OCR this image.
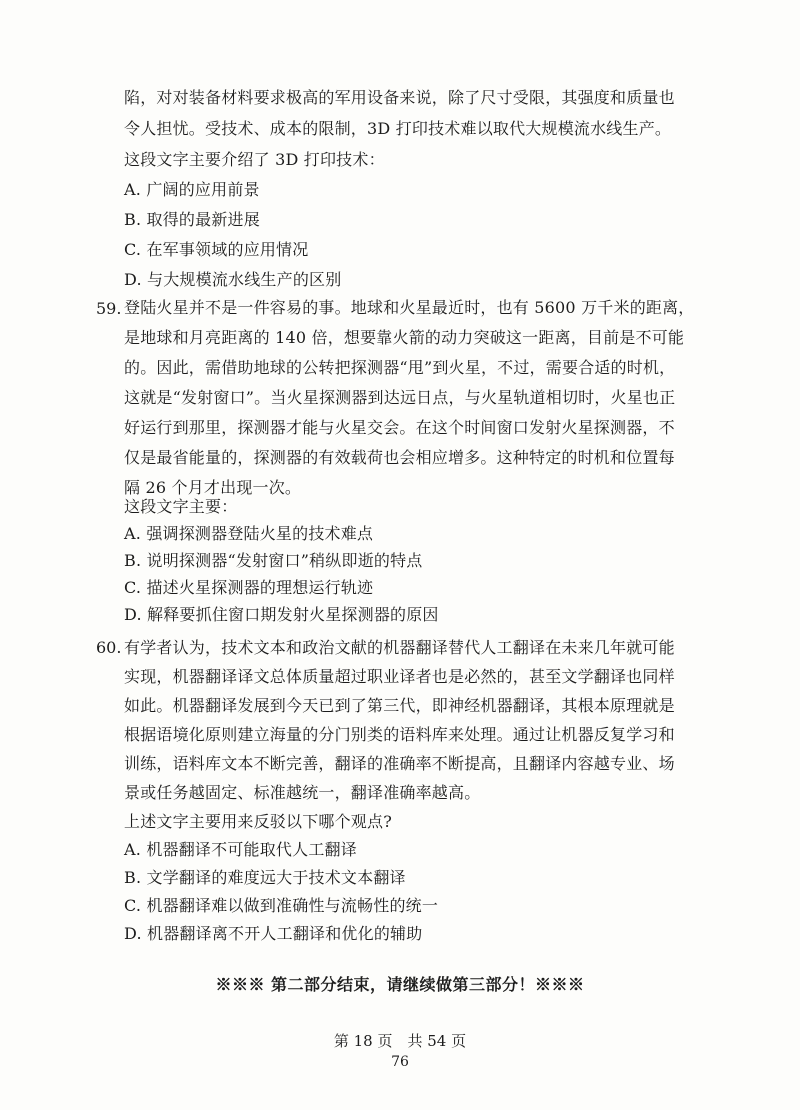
陷，对对装备材料要求极高的军用设备来说，除了尺寸受限，其强度和质量也
令人担忧。受技术、成本的限制，3D 打印技术难以取代大规模流水线生产。
这段文字主要介绍了 3D 打印技术：
A. 广阔的应用前景
B. 取得的最新进展
C. 在军事领域的应用情况
D. 与大规模流水线生产的区别
59. 登陆火星并不是一件容易的事。地球和火星最近时，也有 5600 万千米的距离，
是地球和月亮距离的 140 倍，想要靠火箭的动力突破这一距离，目前是不可能
的。因此，需借助地球的公转把探测器“甩”到火星，不过，需要合适的时机，
这就是“发射窗口”。当火星探测器到达远日点，与火星轨道相切时，火星也正
好运行到那里，探测器才能与火星交会。在这个时间窗口发射火星探测器，不
仅是最省能量的，探测器的有效载荷也会相应增多。这种特定的时机和位置每
隔 26 个月才出现一次。
这段文字主要：
A. 强调探测器登陆火星的技术难点
B. 说明探测器“发射窗口”稍纵即逝的特点
C. 描述火星探测器的理想运行轨迹
D. 解释要抓住窗口期发射火星探测器的原因
60. 有学者认为，技术文本和政治文献的机器翻译替代人工翻译在未来几年就可能
实现，机器翻译译文总体质量超过职业译者也是必然的，甚至文学翻译也同样
如此。机器翻译发展到今天已到了第三代，即神经机器翻译，其根本原理就是
根据语境化原则建立海量的分门别类的语料库来处理。通过让机器反复学习和
训练，语料库文本不断完善，翻译的准确率不断提高，且翻译内容越专业、场
景或任务越固定、标准越统一，翻译准确率越高。
上述文字主要用来反驳以下哪个观点?
A. 机器翻译不可能取代人工翻译
B. 文学翻译的难度远大于技术文本翻译
C. 机器翻译难以做到准确性与流畅性的统一
D. 机器翻译离不开人工翻译和优化的辅助
※※※ 第二部分结束，请继续做第三部分！※※※
第 18 页　共 54 页
76
